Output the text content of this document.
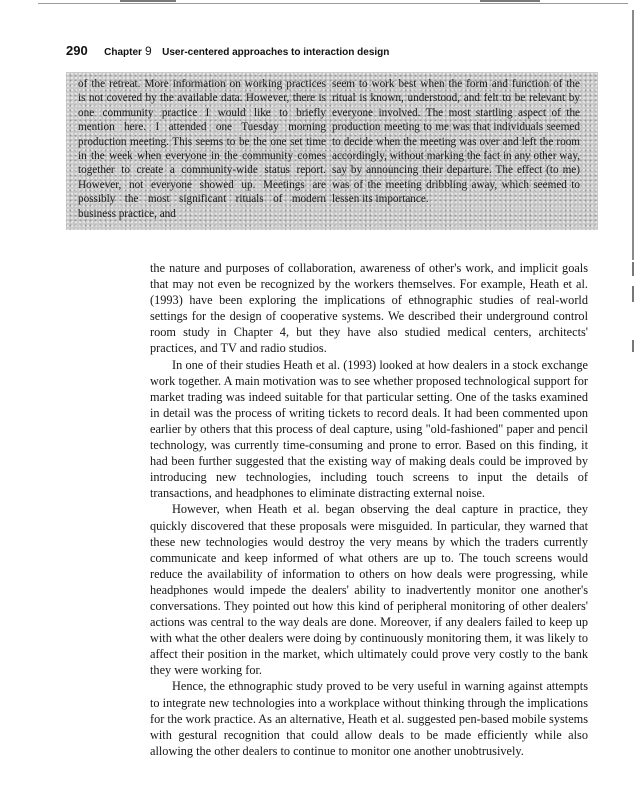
290 Chapter 9 User-centered approaches to interaction design
of the retreat. More information on working practices is not covered by the available data. However, there is one community practice I would like to briefly mention here. I attended one Tuesday morning production meeting. This seems to be the one set time in the week when everyone in the community comes together to create a community-wide status report. However, not everyone showed up. Meetings are possibly the most significant rituals of modern business practice, and
seem to work best when the form and function of the ritual is known, understood, and felt to be relevant by everyone involved. The most startling aspect of the production meeting to me was that individuals seemed to decide when the meeting was over and left the room accordingly, without marking the fact in any other way, say by announcing their departure. The effect (to me) was of the meeting dribbling away, which seemed to lessen its importance.

the nature and purposes of collaboration, awareness of other's work, and implicit goals that may not even be recognized by the workers themselves. For example, Heath et al. (1993) have been exploring the implications of ethnographic studies of real-world settings for the design of cooperative systems. We described their underground control room study in Chapter 4, but they have also studied medical centers, architects' practices, and TV and radio studios.

In one of their studies Heath et al. (1993) looked at how dealers in a stock exchange work together. A main motivation was to see whether proposed technological support for market trading was indeed suitable for that particular setting. One of the tasks examined in detail was the process of writing tickets to record deals. It had been commented upon earlier by others that this process of deal capture, using "old-fashioned" paper and pencil technology, was currently time-consuming and prone to error. Based on this finding, it had been further suggested that the existing way of making deals could be improved by introducing new technologies, including touch screens to input the details of transactions, and headphones to eliminate distracting external noise.

However, when Heath et al. began observing the deal capture in practice, they quickly discovered that these proposals were misguided. In particular, they warned that these new technologies would destroy the very means by which the traders currently communicate and keep informed of what others are up to. The touch screens would reduce the availability of information to others on how deals were progressing, while headphones would impede the dealers' ability to inadvertently monitor one another's conversations. They pointed out how this kind of peripheral monitoring of other dealers' actions was central to the way deals are done. Moreover, if any dealers failed to keep up with what the other dealers were doing by continuously monitoring them, it was likely to affect their position in the market, which ultimately could prove very costly to the bank they were working for.

Hence, the ethnographic study proved to be very useful in warning against attempts to integrate new technologies into a workplace without thinking through the implications for the work practice. As an alternative, Heath et al. suggested pen-based mobile systems with gestural recognition that could allow deals to be made efficiently while also allowing the other dealers to continue to monitor one another unobtrusively.
